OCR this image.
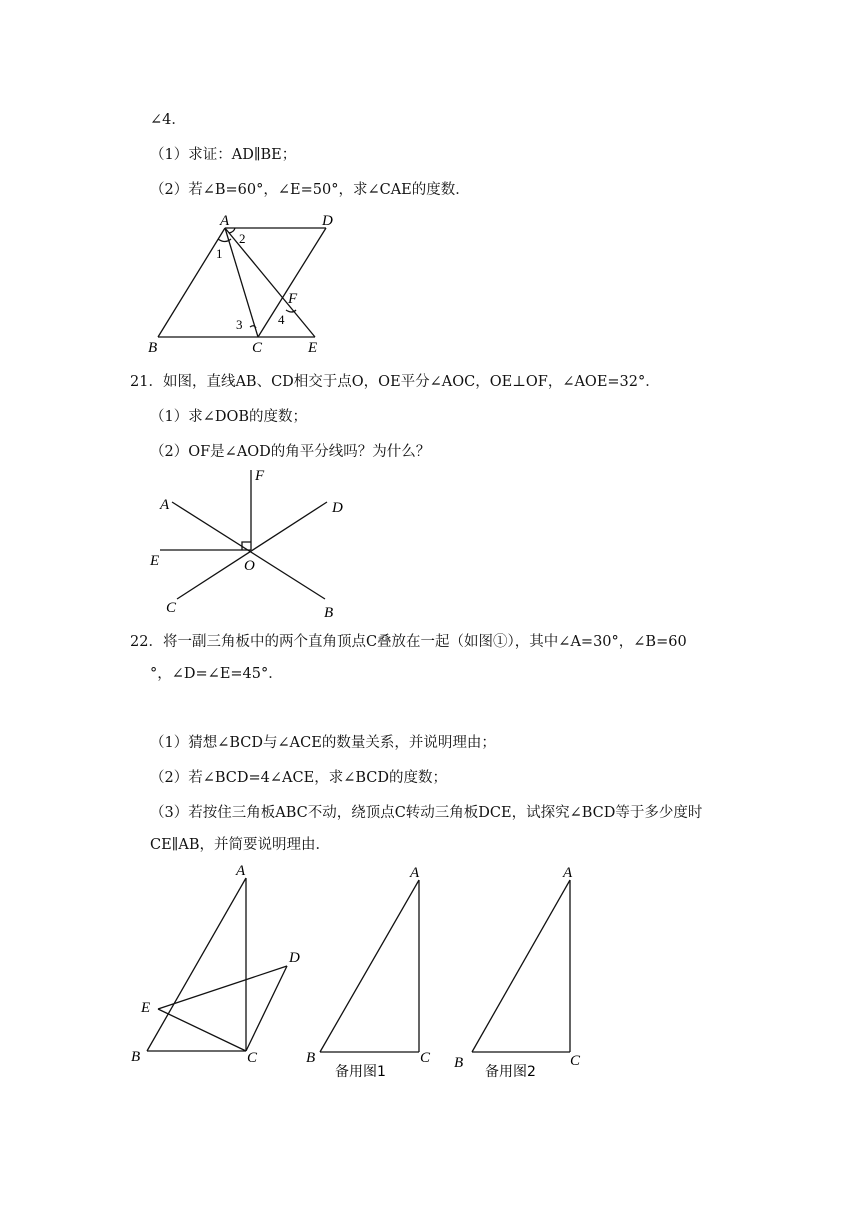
∠4．
（1）求证：AD∥BE；
（2）若∠B=60°，∠E=50°，求∠CAE的度数．
A	D
B	C	E
F
1
2
3	4
21．如图，直线AB、CD相交于点O，OE平分∠AOC，OE⊥OF，∠AOE=32°．
（1）求∠DOB的度数；
（2）OF是∠AOD的角平分线吗？为什么？
A
F
D
E	O
C	B
22．将一副三角板中的两个直角顶点C叠放在一起（如图①），其中∠A=30°，∠B=60
°，∠D=∠E=45°．
（1）猜想∠BCD与∠ACE的数量关系，并说明理由；
（2）若∠BCD=4∠ACE，求∠BCD的度数；
（3）若按住三角板ABC不动，绕顶点C转动三角板DCE，试探究∠BCD等于多少度时
CE∥AB，并简要说明理由．
A
D
E
B	C
A
B	C
备用图1
A
B	C
备用图2
